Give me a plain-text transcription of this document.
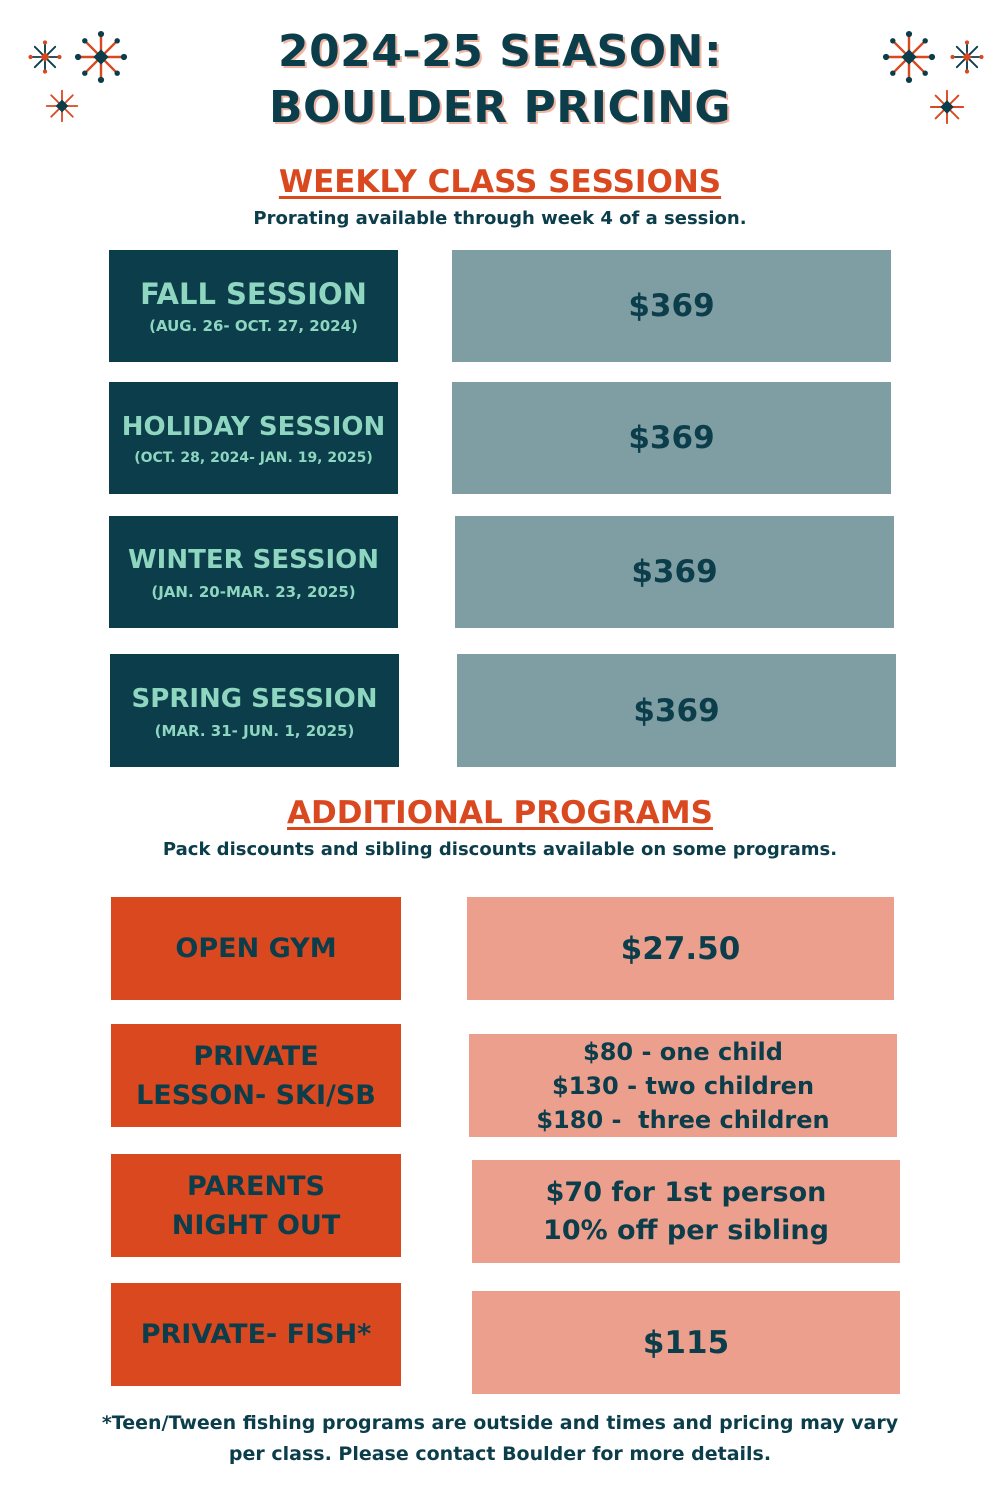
2024-25 SEASON:
BOULDER PRICING
WEEKLY CLASS SESSIONS
Prorating available through week 4 of a session.
FALL SESSION
(AUG. 26- OCT. 27, 2024)
$369
HOLIDAY SESSION
(OCT. 28, 2024- JAN. 19, 2025)
$369
WINTER SESSION
(JAN. 20-MAR. 23, 2025)
$369
SPRING SESSION
(MAR. 31- JUN. 1, 2025)
$369
ADDITIONAL PROGRAMS
Pack discounts and sibling discounts available on some programs.
OPEN GYM	$27.50
PRIVATE
LESSON- SKI/SB
$80 - one child
$130 - two children
$180 -  three children
PARENTS
NIGHT OUT
$70 for 1st person
10% off per sibling
PRIVATE- FISH*	$115
*Teen/Tween fishing programs are outside and times and pricing may vary
per class. Please contact Boulder for more details.
